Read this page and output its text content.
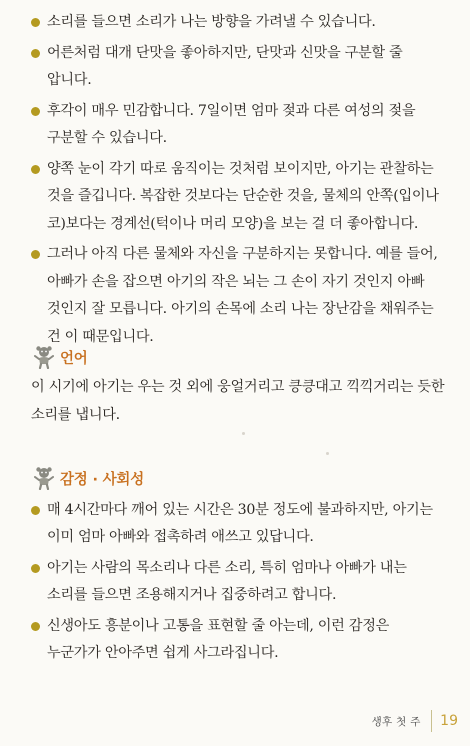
소리를 들으면 소리가 나는 방향을 가려낼 수 있습니다.
어른처럼 대개 단맛을 좋아하지만, 단맛과 신맛을 구분할 줄 압니다.
후각이 매우 민감합니다. 7일이면 엄마 젖과 다른 여성의 젖을 구분할 수 있습니다.
양쪽 눈이 각기 따로 움직이는 것처럼 보이지만, 아기는 관찰하는 것을 즐깁니다. 복잡한 것보다는 단순한 것을, 물체의 안쪽(입이나 코)보다는 경계선(턱이나 머리 모양)을 보는 걸 더 좋아합니다.
그러나 아직 다른 물체와 자신을 구분하지는 못합니다. 예를 들어, 아빠가 손을 잡으면 아기의 작은 뇌는 그 손이 자기 것인지 아빠 것인지 잘 모릅니다. 아기의 손목에 소리 나는 장난감을 채워주는 건 이 때문입니다.
언어

이 시기에 아기는 우는 것 외에 웅얼거리고 킁킁대고 끽끽거리는 듯한 소리를 냅니다.

감정 · 사회성
매 4시간마다 깨어 있는 시간은 30분 정도에 불과하지만, 아기는 이미 엄마 아빠와 접촉하려 애쓰고 있답니다.
아기는 사람의 목소리나 다른 소리, 특히 엄마나 아빠가 내는 소리를 들으면 조용해지거나 집중하려고 합니다.
신생아도 흥분이나 고통을 표현할 줄 아는데, 이런 감정은 누군가가 안아주면 쉽게 사그라집니다.
생후 첫 주 19
